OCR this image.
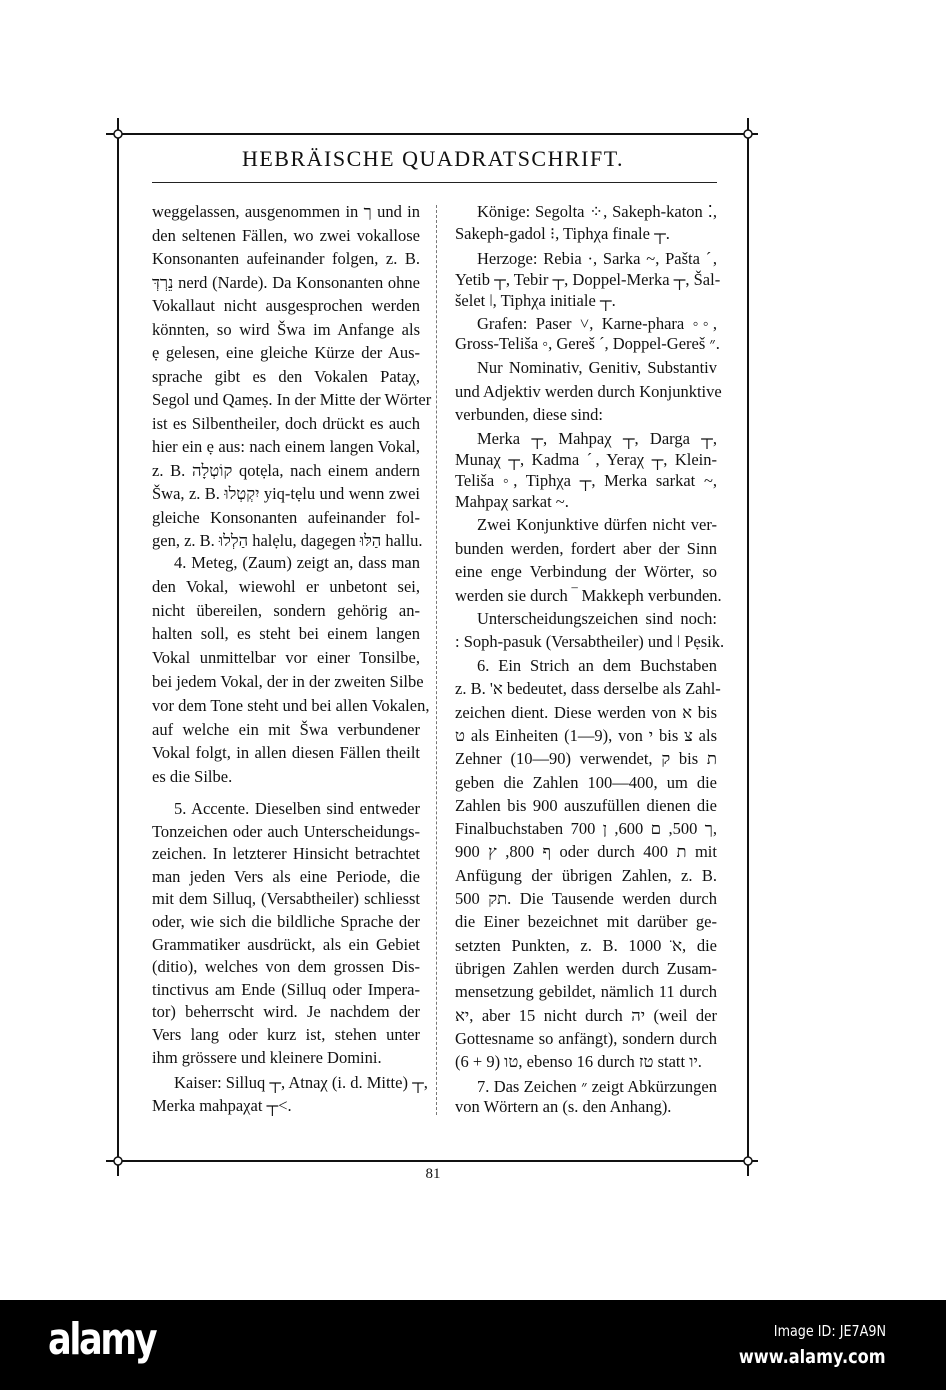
HEBRÄISCHE QUADRATSCHRIFT.
weggelassen, ausgenommen in ך und in
den seltenen Fällen, wo zwei vokallose
Konsonanten aufeinander folgen, z. B.
נֵרְדְּ nerd (Narde). Da Konsonanten ohne
Vokallaut nicht ausgesprochen werden
könnten, so wird Šwa im Anfange als
ẹ gelesen, eine gleiche Kürze der Aus-
sprache gibt es den Vokalen Pataχ,
Segol und Qameṣ. In der Mitte der Wörter
ist es Silbentheiler, doch drückt es auch
hier ein ẹ aus: nach einem langen Vokal,
z. B. קוֹטְלָה qotẹla, nach einem andern
Šwa, z. B. יִקְטְלוּ yiq-tẹlu und wenn zwei
gleiche Konsonanten aufeinander fol-
gen, z. B. הַלְלוּ halẹlu, dagegen הַלּוּ hallu.
4. Meteg, (Zaum) zeigt an, dass man
den Vokal, wiewohl er unbetont sei,
nicht übereilen, sondern gehörig an-
halten soll, es steht bei einem langen
Vokal unmittelbar vor einer Tonsilbe,
bei jedem Vokal, der in der zweiten Silbe
vor dem Tone steht und bei allen Vokalen,
auf welche ein mit Šwa verbundener
Vokal folgt, in allen diesen Fällen theilt
es die Silbe.
5. Accente. Dieselben sind entweder
Tonzeichen oder auch Unterscheidungs-
zeichen. In letzterer Hinsicht betrachtet
man jeden Vers als eine Periode, die
mit dem Silluq, (Versabtheiler) schliesst
oder, wie sich die bildliche Sprache der
Grammatiker ausdrückt, als ein Gebiet
(ditio), welches von dem grossen Dis-
tinctivus am Ende (Silluq oder Impera-
tor) beherrscht wird. Je nachdem der
Vers lang oder kurz ist, stehen unter
ihm grössere und kleinere Domini.
Kaiser: Silluq ┬, Atnaχ (i. d. Mitte) ┬,
Merka mahpaχat ┬˂.
Könige: Segolta ⁘, Sakeph-katon ⁚,
Sakeph-gadol ⁝, Tiphχa finale ┬.
Herzoge: Rebia ·, Sarka ~, Pašta ˊ,
Yetib ┬, Tebir ┬, Doppel-Merka ┬, Šal-
šelet ǀ, Tiphχa initiale ┬.
Grafen: Paser ˅, Karne-phara ◦◦,
Gross-Teliša ◦, Gereš ˊ, Doppel-Gereš ״.
Nur Nominativ, Genitiv, Substantiv
und Adjektiv werden durch Konjunktive
verbunden, diese sind:
Merka ┬, Mahpaχ ┬, Darga ┬,
Munaχ ┬, Kadma ˊ, Yeraχ ┬, Klein-
Teliša ◦, Tiphχa ┬, Merka sarkat ~,
Mahpaχ sarkat ~.
Zwei Konjunktive dürfen nicht ver-
bunden werden, fordert aber der Sinn
eine enge Verbindung der Wörter, so
werden sie durch ‾ Makkeph verbunden.
Unterscheidungszeichen sind noch:
: Soph-pasuk (Versabtheiler) und ǀ Pẹsik.
6. Ein Strich an dem Buchstaben
z. B. 'א bedeutet, dass derselbe als Zahl-
zeichen dient. Diese werden von א bis
ט als Einheiten (1—9), von י bis צ als
Zehner (10—90) verwendet, ק bis ת
geben die Zahlen 100—400, um die
Zahlen bis 900 auszufüllen dienen die
Finalbuchstaben ך 500, ם 600, ן 700,
ף 800, ץ 900 oder durch ת 400 mit
Anfügung der übrigen Zahlen, z. B.
תק 500. Die Tausende werden durch
die Einer bezeichnet mit darüber ge-
setzten Punkten, z. B. א̈ 1000, die
übrigen Zahlen werden durch Zusam-
mensetzung gebildet, nämlich 11 durch
יא, aber 15 nicht durch יה (weil der
Gottesname so anfängt), sondern durch
טו (9 + 6), ebenso 16 durch טז statt יו.
7. Das Zeichen ״ zeigt Abkürzungen
von Wörtern an (s. den Anhang).
81
alamy	Image ID: JE7A9N
www.alamy.com
